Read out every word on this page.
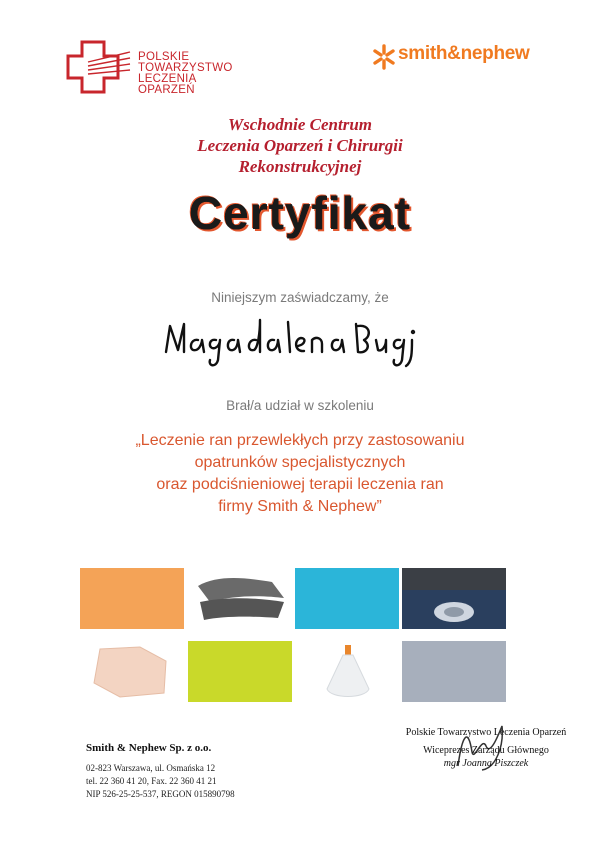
POLSKIE
TOWARZYSTWO
LECZENIA
OPARZEŃ
smith&nephew
Wschodnie Centrum
Leczenia Oparzeń i Chirurgii
Rekonstrukcyjnej
Certyfikat
Niniejszym zaświadczamy, że
Brał/a udział w szkoleniu
„Leczenie ran przewlekłych przy zastosowaniu
opatrunków specjalistycznych
oraz podciśnieniowej terapii leczenia ran
firmy Smith & Nephew”
Smith & Nephew Sp. z o.o.
02-823 Warszawa, ul. Osmańska 12
tel. 22 360 41 20, Fax. 22 360 41 21
NIP 526-25-25-537, REGON 015890798
Polskie Towarzystwo Leczenia Oparzeń
Wiceprezes Zarządu Głównego
mgr Joanna Piszczek
